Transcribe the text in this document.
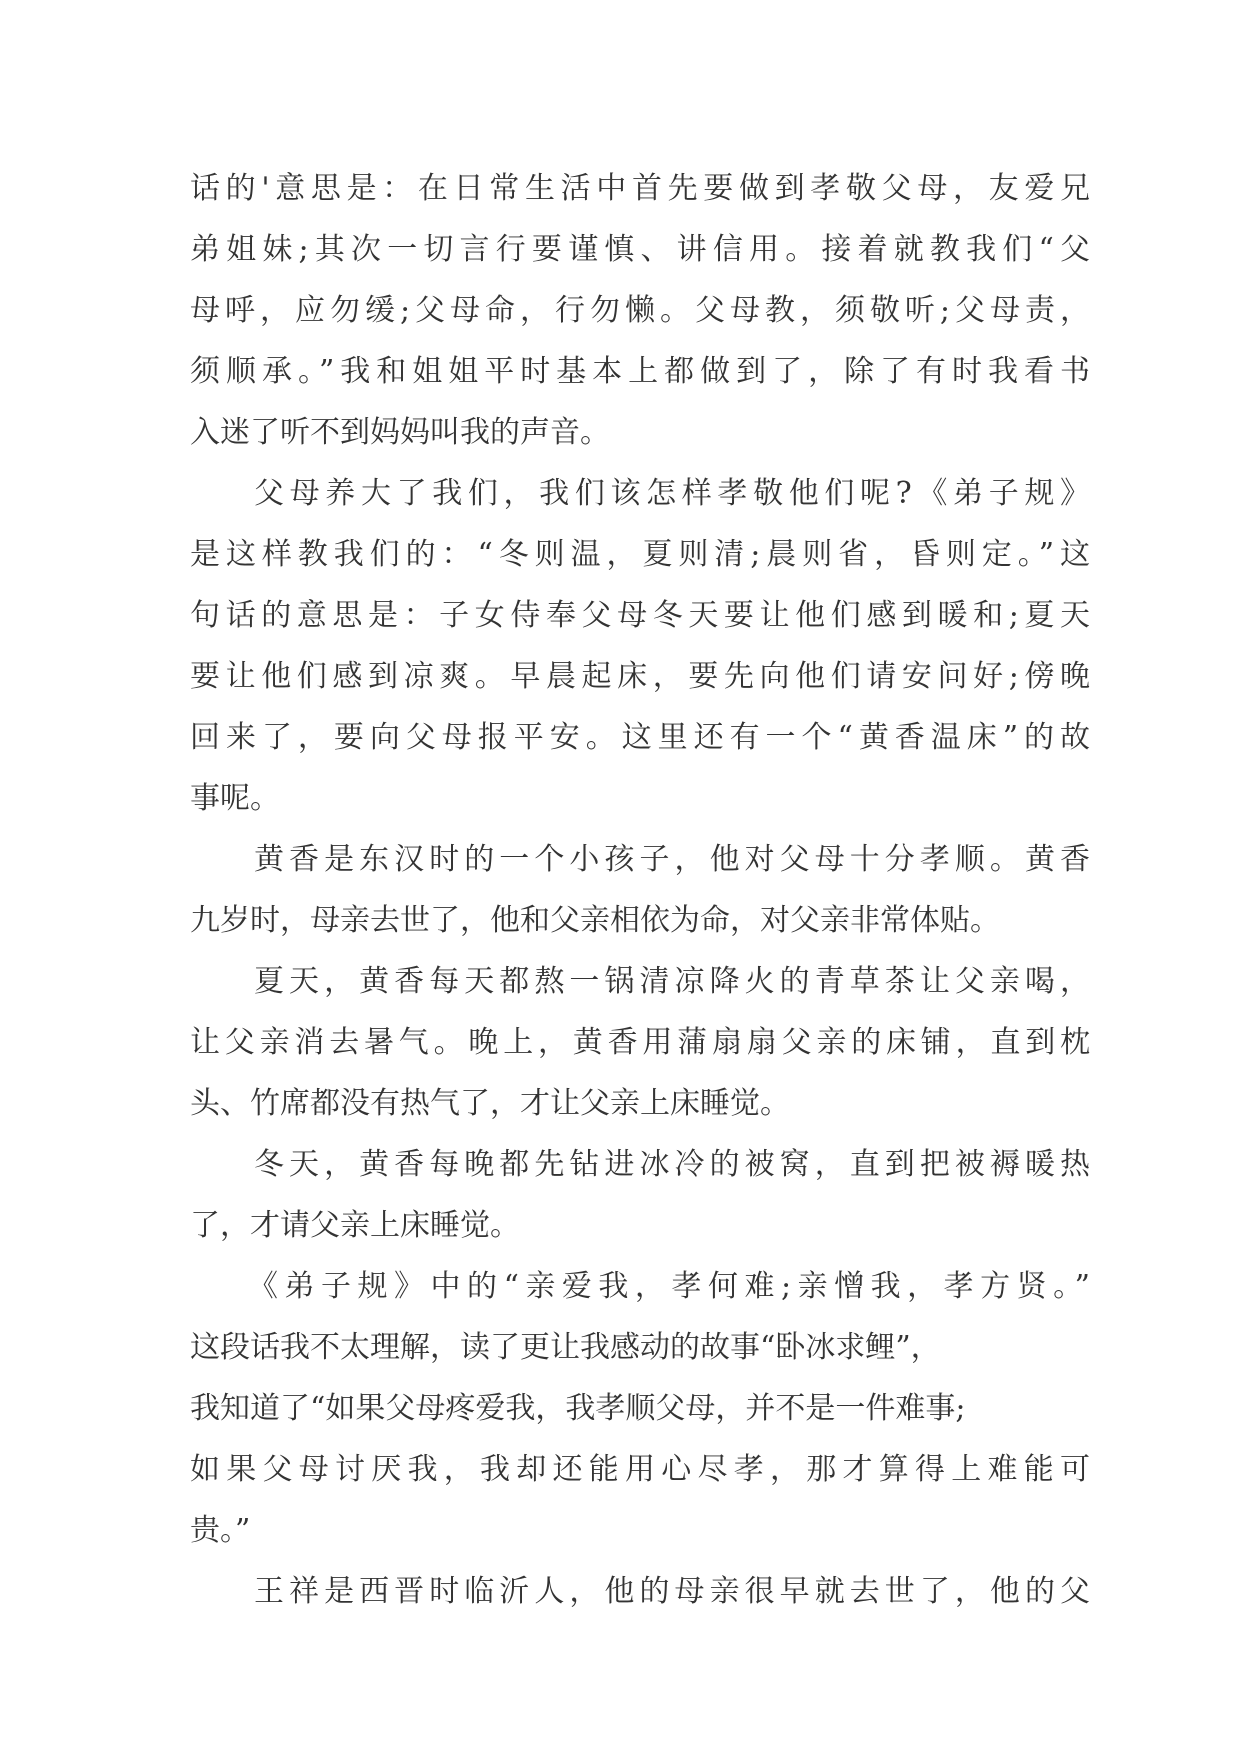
话的'意思是：在日常生活中首先要做到孝敬父母，友爱兄
弟姐妹;其次一切言行要谨慎、讲信用。接着就教我们“父
母呼，应勿缓;父母命，行勿懒。父母教，须敬听;父母责，
须顺承。”我和姐姐平时基本上都做到了，除了有时我看书
入迷了听不到妈妈叫我的声音。
父母养大了我们，我们该怎样孝敬他们呢?《弟子规》
是这样教我们的：“冬则温，夏则清;晨则省，昏则定。”这
句话的意思是：子女侍奉父母冬天要让他们感到暖和;夏天
要让他们感到凉爽。早晨起床，要先向他们请安问好;傍晚
回来了，要向父母报平安。这里还有一个“黄香温床”的故
事呢。
黄香是东汉时的一个小孩子，他对父母十分孝顺。黄香
九岁时，母亲去世了，他和父亲相依为命，对父亲非常体贴。
夏天，黄香每天都熬一锅清凉降火的青草茶让父亲喝，
让父亲消去暑气。晚上，黄香用蒲扇扇父亲的床铺，直到枕
头、竹席都没有热气了，才让父亲上床睡觉。
冬天，黄香每晚都先钻进冰冷的被窝，直到把被褥暖热
了，才请父亲上床睡觉。
《弟子规》中的“亲爱我，孝何难;亲憎我，孝方贤。”
这段话我不太理解，读了更让我感动的故事“卧冰求鲤”，
我知道了“如果父母疼爱我，我孝顺父母，并不是一件难事;
如果父母讨厌我，我却还能用心尽孝，那才算得上难能可
贵。”
王祥是西晋时临沂人，他的母亲很早就去世了，他的父
